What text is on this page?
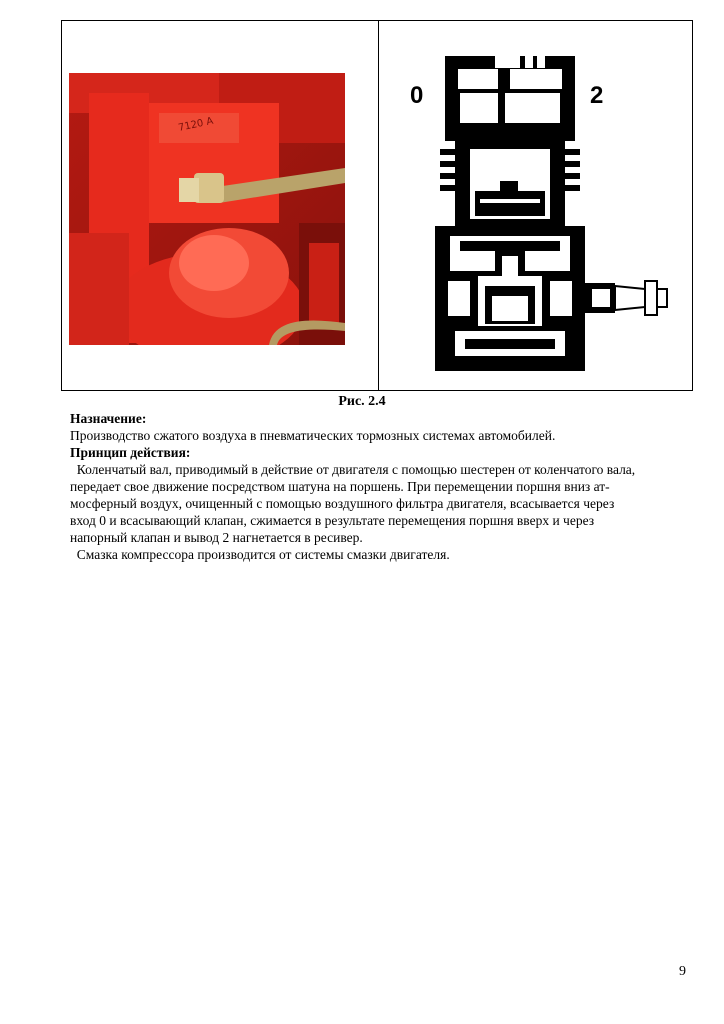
7120 A
0	2
Рис. 2.4
Назначение:
Производство сжатого воздуха в пневматических тормозных системах автомобилей.
Принцип действия:
Коленчатый вал, приводимый в действие от двигателя с помощью шестерен от коленчатого вала,
передает свое движение посредством шатуна на поршень. При перемещении поршня вниз ат-
мосферный воздух, очищенный с помощью воздушного фильтра двигателя, всасывается через
вход 0 и всасывающий клапан, сжимается в результате перемещения поршня вверх и через
напорный клапан и вывод 2 нагнетается в ресивер.
Смазка компрессора производится от системы смазки двигателя.
9
